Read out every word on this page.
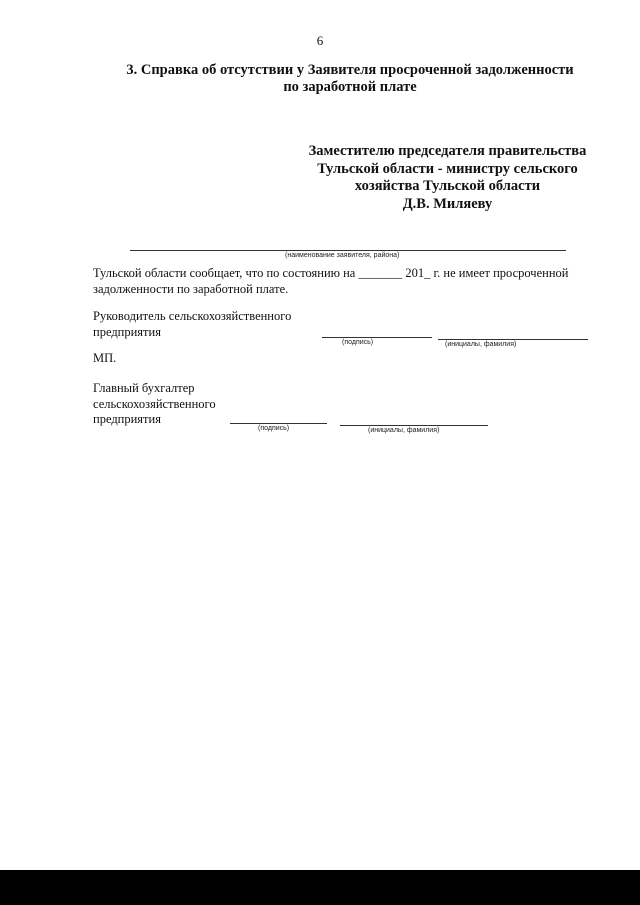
6
3. Справка об отсутствии у Заявителя просроченной задолженности
по заработной плате
Заместителю председателя правительства
Тульской области - министру сельского
хозяйства Тульской области
Д.В. Миляеву
(наименование заявителя, района)
Тульской области сообщает, что по состоянию на _______ 201_ г. не имеет просроченной
задолженности по заработной плате.
Руководитель сельскохозяйственного
предприятия
(подпись)	(инициалы, фамилия)
МП.
Главный бухгалтер
сельскохозяйственного
предприятия
(подпись)	(инициалы, фамилия)
